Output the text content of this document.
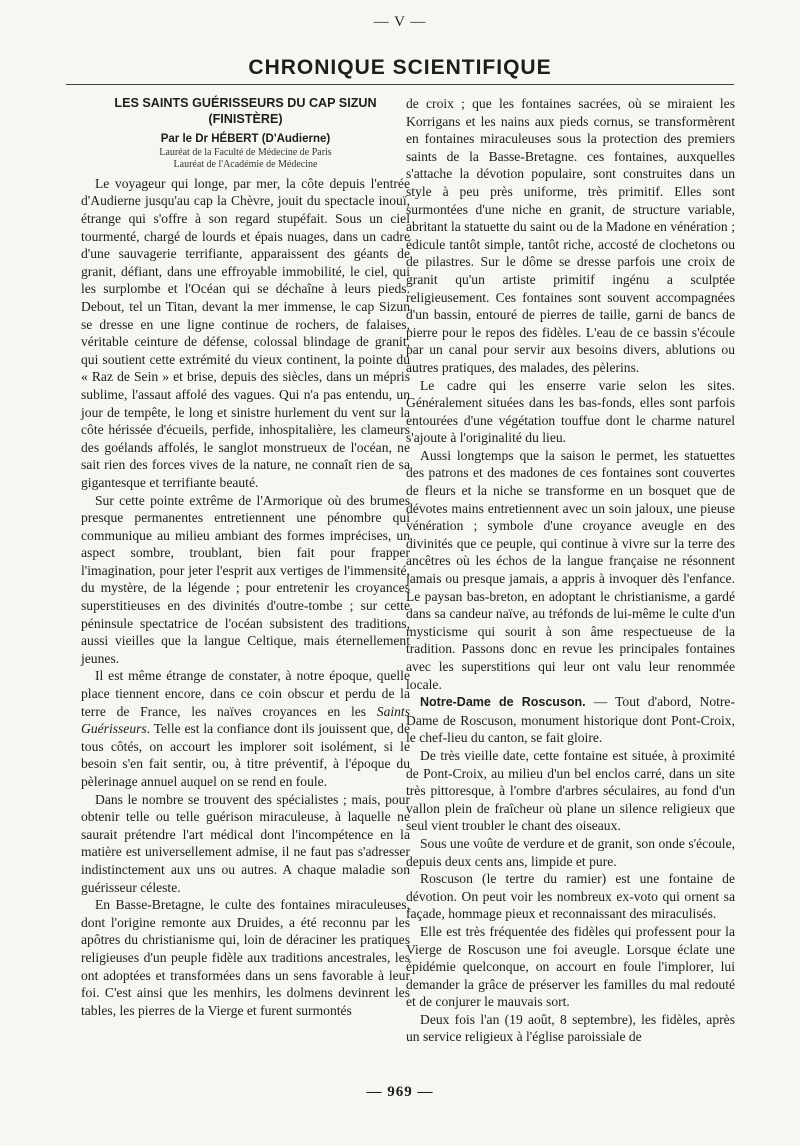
— V —
CHRONIQUE SCIENTIFIQUE

LES SAINTS GUÉRISSEURS DU CAP SIZUN

(FINISTÈRE)

Par le Dr HÉBERT (D'Audierne)

Lauréat de la Faculté de Médecine de Paris

Lauréat de l'Académie de Médecine

Le voyageur qui longe, par mer, la côte depuis l'entrée d'Audierne jusqu'au cap la Chèvre, jouit du spectacle inouï, étrange qui s'offre à son regard stupéfait. Sous un ciel tourmenté, chargé de lourds et épais nuages, dans un cadre d'une sauvagerie terrifiante, apparaissent des géants de granit, défiant, dans une effroyable immobilité, le ciel, qui les surplombe et l'Océan qui se déchaîne à leurs pieds. Debout, tel un Titan, devant la mer immense, le cap Sizun se dresse en une ligne continue de rochers, de falaises, véritable ceinture de défense, colossal blindage de granit, qui soutient cette extrémité du vieux continent, la pointe du « Raz de Sein » et brise, depuis des siècles, dans un mépris sublime, l'assaut affolé des vagues. Qui n'a pas entendu, un jour de tempête, le long et sinistre hurlement du vent sur la côte hérissée d'écueils, perfide, inhospitalière, les clameurs des goélands affolés, le sanglot monstrueux de l'océan, ne sait rien des forces vives de la nature, ne connaît rien de sa gigantesque et terrifiante beauté.

Sur cette pointe extrême de l'Armorique où des brumes presque permanentes entretiennent une pénombre qui communique au milieu ambiant des formes imprécises, un aspect sombre, troublant, bien fait pour frapper l'imagination, pour jeter l'esprit aux vertiges de l'immensité, du mystère, de la légende ; pour entretenir les croyances superstitieuses en des divinités d'outre-tombe ; sur cette péninsule spectatrice de l'océan subsistent des traditions, aussi vieilles que la langue Celtique, mais éternellement jeunes.

Il est même étrange de constater, à notre époque, quelle place tiennent encore, dans ce coin obscur et perdu de la terre de France, les naïves croyances en les Saints Guérisseurs. Telle est la confiance dont ils jouissent que, de tous côtés, on accourt les implorer soit isolément, si le besoin s'en fait sentir, ou, à titre préventif, à l'époque du pèlerinage annuel auquel on se rend en foule.

Dans le nombre se trouvent des spécialistes ; mais, pour obtenir telle ou telle guérison miraculeuse, à laquelle ne saurait prétendre l'art médical dont l'incompétence en la matière est universellement admise, il ne faut pas s'adresser indistinctement aux uns ou autres. A chaque maladie son guérisseur céleste.

En Basse-Bretagne, le culte des fontaines miraculeuses, dont l'origine remonte aux Druides, a été reconnu par les apôtres du christianisme qui, loin de déraciner les pratiques religieuses d'un peuple fidèle aux traditions ancestrales, les ont adoptées et transformées dans un sens favorable à leur foi. C'est ainsi que les menhirs, les dolmens devinrent les tables, les pierres de la Vierge et furent surmontés

de croix ; que les fontaines sacrées, où se miraient les Korrigans et les nains aux pieds cornus, se transformèrent en fontaines miraculeuses sous la protection des premiers saints de la Basse-Bretagne. ces fontaines, auxquelles s'attache la dévotion populaire, sont construites dans un style à peu près uniforme, très primitif. Elles sont surmontées d'une niche en granit, de structure variable, abritant la statuette du saint ou de la Madone en vénération ; édicule tantôt simple, tantôt riche, accosté de clochetons ou de pilastres. Sur le dôme se dresse parfois une croix de granit qu'un artiste primitif ingénu a sculptée religieusement. Ces fontaines sont souvent accompagnées d'un bassin, entouré de pierres de taille, garni de bancs de pierre pour le repos des fidèles. L'eau de ce bassin s'écoule par un canal pour servir aux besoins divers, ablutions ou autres pratiques, des malades, des pèlerins.

Le cadre qui les enserre varie selon les sites. Généralement situées dans les bas-fonds, elles sont parfois entourées d'une végétation touffue dont le charme naturel s'ajoute à l'originalité du lieu.

Aussi longtemps que la saison le permet, les statuettes des patrons et des madones de ces fontaines sont couvertes de fleurs et la niche se transforme en un bosquet que de dévotes mains entretiennent avec un soin jaloux, une pieuse vénération ; symbole d'une croyance aveugle en des divinités que ce peuple, qui continue à vivre sur la terre des ancêtres où les échos de la langue française ne résonnent jamais ou presque jamais, a appris à invoquer dès l'enfance. Le paysan bas-breton, en adoptant le christianisme, a gardé dans sa candeur naïve, au tréfonds de lui-même le culte d'un mysticisme qui sourit à son âme respectueuse de la tradition. Passons donc en revue les principales fontaines avec les superstitions qui leur ont valu leur renommée locale.

Notre-Dame de Roscuson. — Tout d'abord, Notre-Dame de Roscuson, monument historique dont Pont-Croix, le chef-lieu du canton, se fait gloire.

De très vieille date, cette fontaine est située, à proximité de Pont-Croix, au milieu d'un bel enclos carré, dans un site très pittoresque, à l'ombre d'arbres séculaires, au fond d'un vallon plein de fraîcheur où plane un silence religieux que seul vient troubler le chant des oiseaux.

Sous une voûte de verdure et de granit, son onde s'écoule, depuis deux cents ans, limpide et pure.

Roscuson (le tertre du ramier) est une fontaine de dévotion. On peut voir les nombreux ex-voto qui ornent sa façade, hommage pieux et reconnaissant des miraculisés.

Elle est très fréquentée des fidèles qui professent pour la Vierge de Roscuson une foi aveugle. Lorsque éclate une épidémie quelconque, on accourt en foule l'implorer, lui demander la grâce de préserver les familles du mal redouté et de conjurer le mauvais sort.

Deux fois l'an (19 août, 8 septembre), les fidèles, après un service religieux à l'église paroissiale de

— 969 —
